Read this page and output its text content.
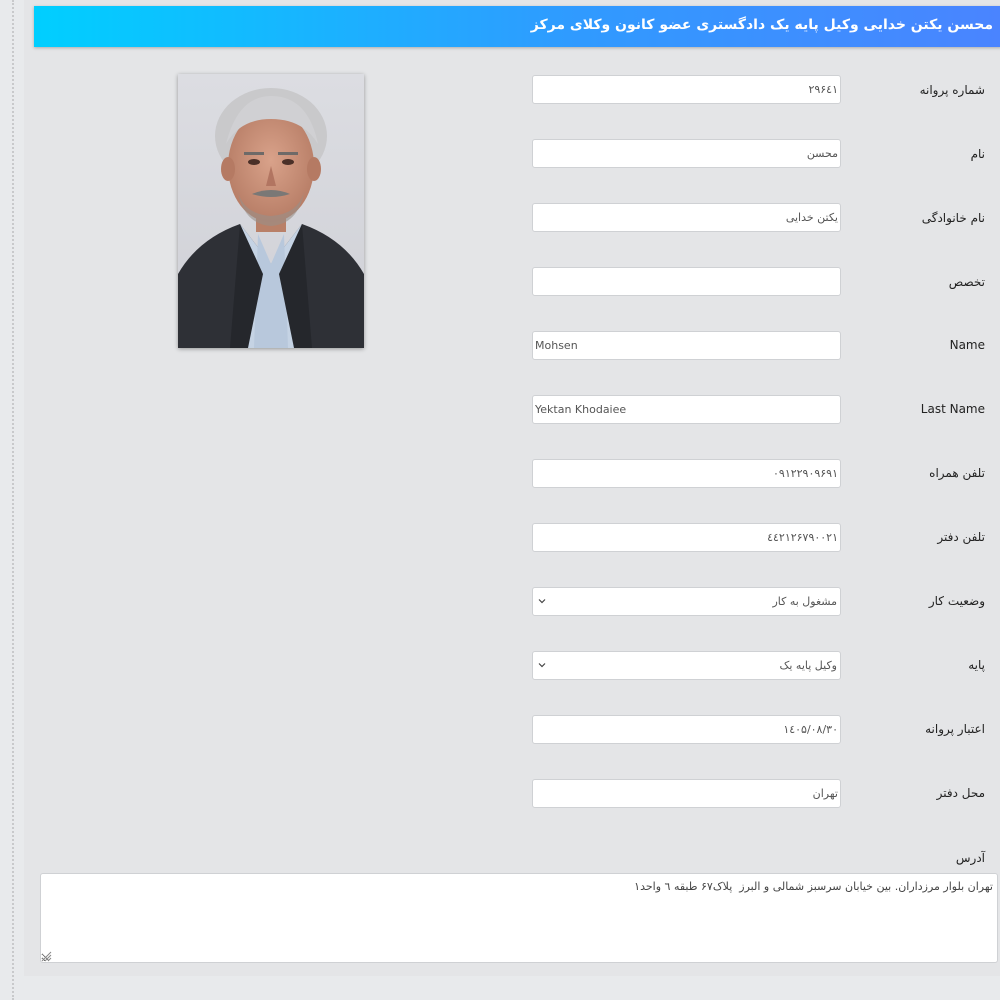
محسن یکتن خدایی وکیل پایه یک دادگستری عضو کانون وکلای مرکز
شماره پروانه
۲۹۶٤۱
نام
محسن
نام خانوادگی
یکتن خدایی
تخصص
Name
Mohsen
Last Name
Yektan Khodaiee
تلفن همراه
۰۹۱۲۲۹۰۹۶۹۱
تلفن دفتر
٤٤۲۱۲۶۷۹۰۰۲۱
وضعیت کار
مشغول به کار
پایه
وکیل پایه یک
اعتبار پروانه
۱٤۰۵/۰۸/۳۰
محل دفتر
تهران
آدرس
تهران بلوار مرزداران. بین خیابان سرسبز شمالی و البرز پلاک۶۷ طبقه ٦ واحد۱
